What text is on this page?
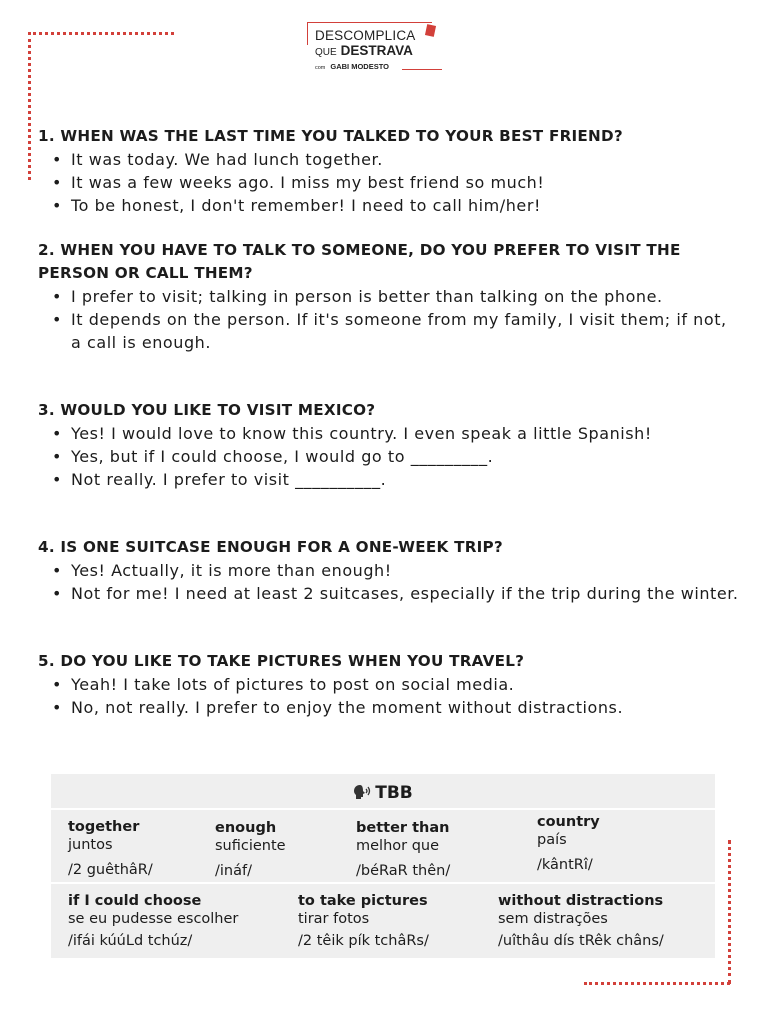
DESCOMPLICA
QUE DESTRAVA
com GABI MODESTO

1. WHEN WAS THE LAST TIME YOU TALKED TO YOUR BEST FRIEND?

• It was today. We had lunch together.
• It was a few weeks ago. I miss my best friend so much!
• To be honest, I don't remember! I need to call him/her!

2. WHEN YOU HAVE TO TALK TO SOMEONE, DO YOU PREFER TO VISIT THE PERSON OR CALL THEM?

• I prefer to visit; talking in person is better than talking on the phone.
• It depends on the person. If it's someone from my family, I visit them; if not, a call is enough.

3. WOULD YOU LIKE TO VISIT MEXICO?

• Yes! I would love to know this country. I even speak a little Spanish!
• Yes, but if I could choose, I would go to _________.
• Not really. I prefer to visit __________.

4. IS ONE SUITCASE ENOUGH FOR A ONE-WEEK TRIP?

• Yes! Actually, it is more than enough!
• Not for me! I need at least 2 suitcases, especially if the trip during the winter.

5. DO YOU LIKE TO TAKE PICTURES WHEN YOU TRAVEL?

• Yeah! I take lots of pictures to post on social media.
• No, not really. I prefer to enjoy the moment without distractions.
TBB
together
juntos
/2 guêthâR/
enough
suficiente
/ináf/
better than
melhor que
/béRaR thên/
country
país
/kântRî/
if I could choose
se eu pudesse escolher
/ifái kúúLd tchúz/
to take pictures
tirar fotos
/2 têik pík tchâRs/
without distractions
sem distrações
/uîthâu dís tRêk châns/
